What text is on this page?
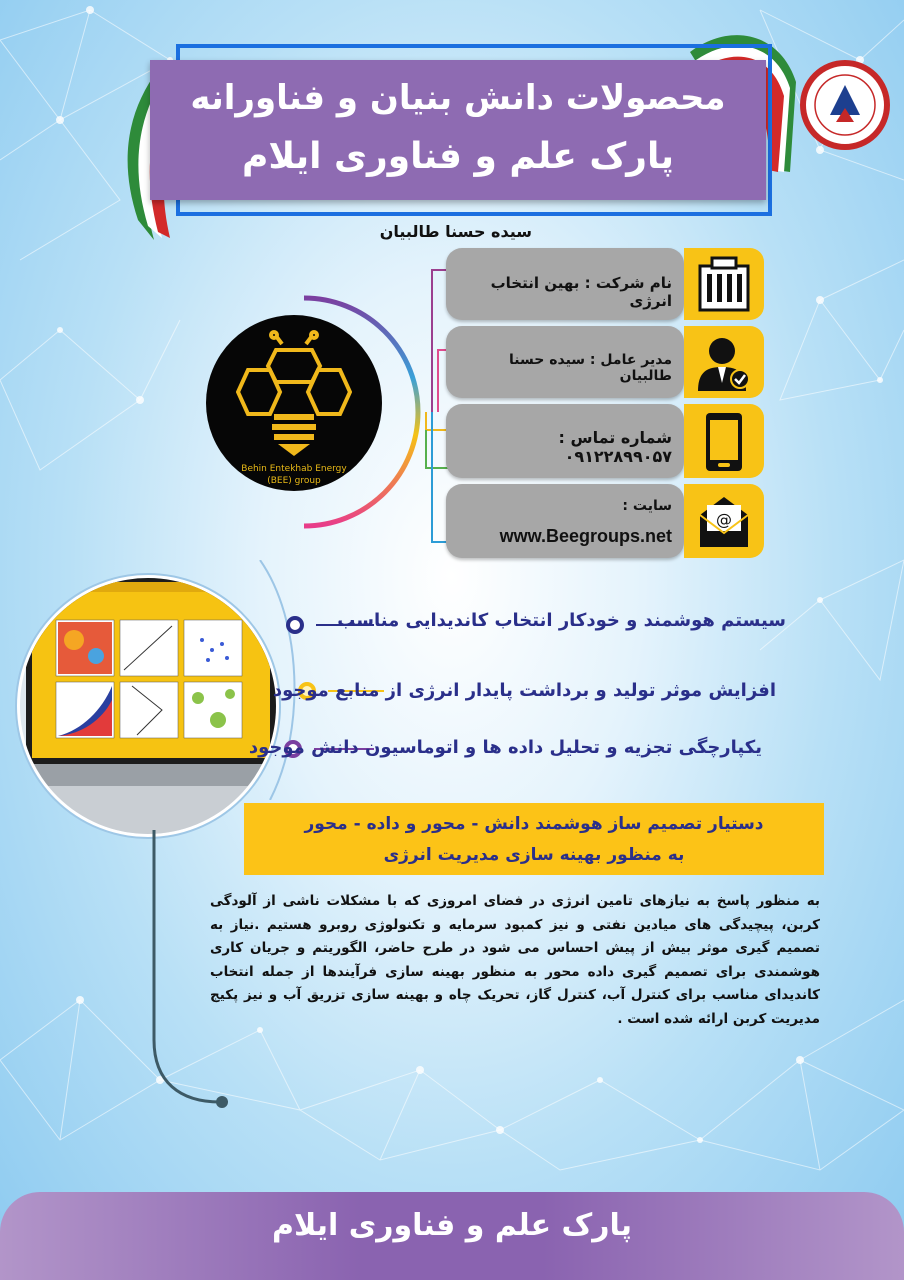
محصولات دانش بنیان و فناورانه
پارک علم و فناوری ایلام
سیده حسنا طالبیان
Behin Entekhab Energy
(BEE) group
نام شرکت : بهین انتخاب انرژی
مدیر عامل : سیده حسنا طالبیان
شماره تماس : ۰۹۱۲۲۸۹۹۰۵۷
سایت :
www.Beegroups.net
@
سیستم هوشمند و خودکار انتخاب کاندیدایی مناسب
افزایش موثر تولید و برداشت پایدار انرژی از منابع موجود
یکپارچگی تجزیه و تحلیل داده ها و اتوماسیون دانش موجود
دستیار تصمیم ساز هوشمند دانش - محور و داده - محور
به منظور بهینه سازی مدیریت انرژی
به منظور پاسخ به نیازهای تامین انرژی در فضای امروزی که با مشکلات ناشی از آلودگی کربن، پیچیدگی های میادین نفتی و نیز کمبود سرمایه و تکنولوژی روبرو هستیم .نیاز به تصمیم گیری موثر بیش از پیش احساس می شود در طرح حاضر، الگوریتم و جریان کاری هوشمندی برای تصمیم گیری داده محور به منظور بهینه سازی فرآیندها از جمله انتخاب کاندیدای مناسب برای کنترل آب، کنترل گاز، تحریک چاه و بهینه سازی تزریق آب و نیز پکیج مدیریت کربن ارائه شده است .
پارک علم و فناوری ایلام
